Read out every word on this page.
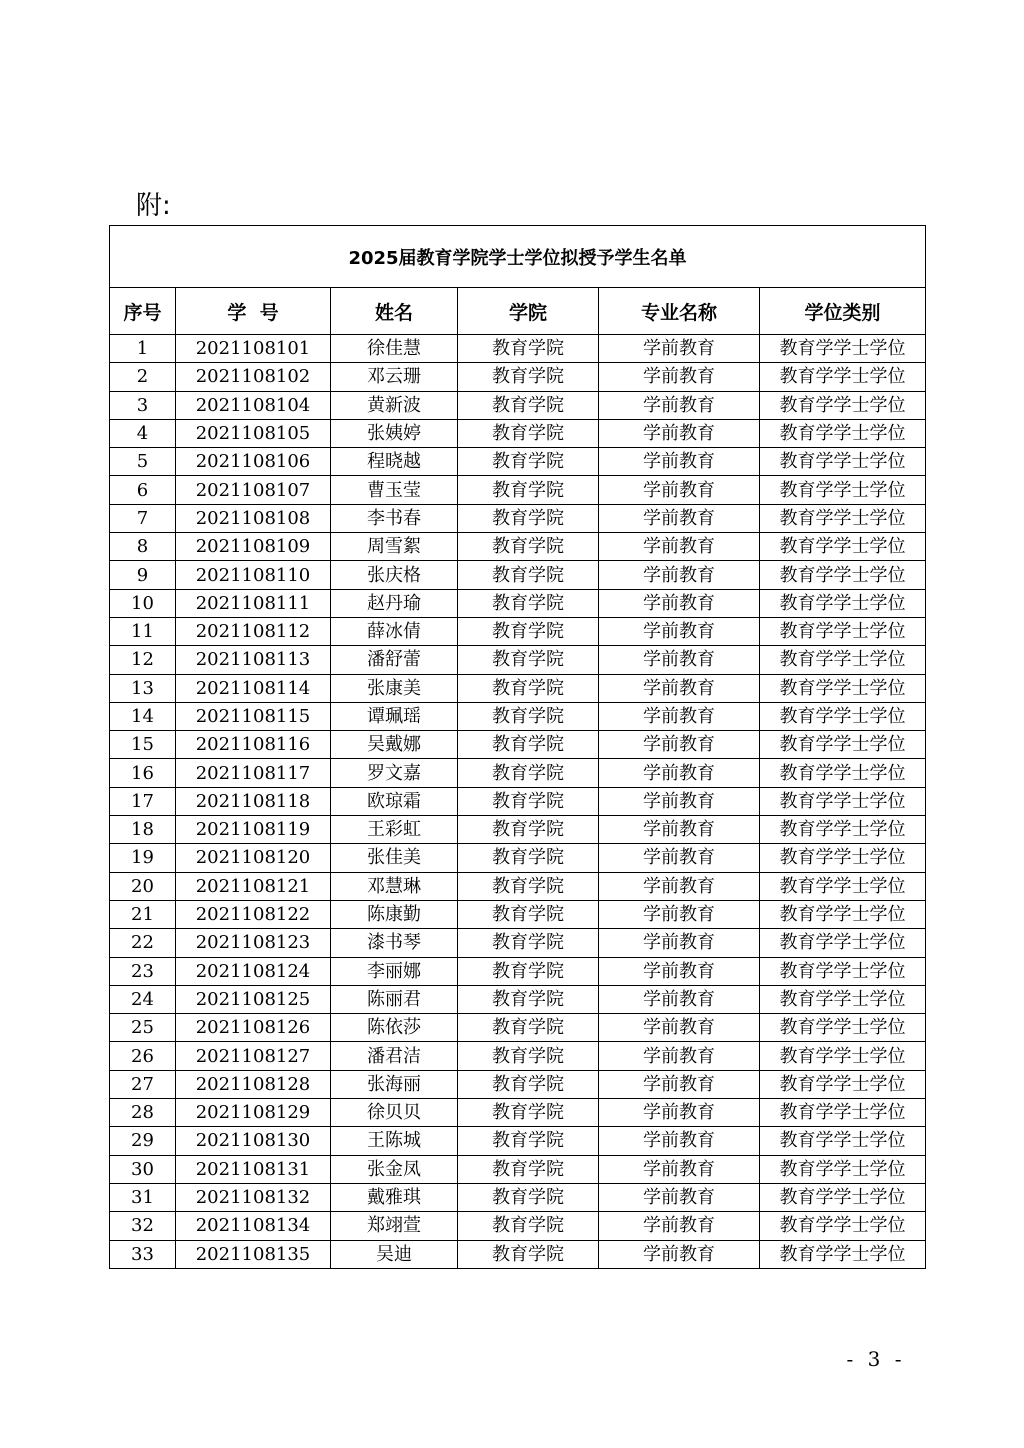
附:
2025届教育学院学士学位拟授予学生名单					
序号	学  号	姓名	学院	专业名称	学位类别
1	2021108101	徐佳慧	教育学院	学前教育	教育学学士学位
2	2021108102	邓云珊	教育学院	学前教育	教育学学士学位
3	2021108104	黄新波	教育学院	学前教育	教育学学士学位
4	2021108105	张姨婷	教育学院	学前教育	教育学学士学位
5	2021108106	程晓越	教育学院	学前教育	教育学学士学位
6	2021108107	曹玉莹	教育学院	学前教育	教育学学士学位
7	2021108108	李书春	教育学院	学前教育	教育学学士学位
8	2021108109	周雪絮	教育学院	学前教育	教育学学士学位
9	2021108110	张庆格	教育学院	学前教育	教育学学士学位
10	2021108111	赵丹瑜	教育学院	学前教育	教育学学士学位
11	2021108112	薛冰倩	教育学院	学前教育	教育学学士学位
12	2021108113	潘舒蕾	教育学院	学前教育	教育学学士学位
13	2021108114	张康美	教育学院	学前教育	教育学学士学位
14	2021108115	谭珮瑶	教育学院	学前教育	教育学学士学位
15	2021108116	吴戴娜	教育学院	学前教育	教育学学士学位
16	2021108117	罗文嘉	教育学院	学前教育	教育学学士学位
17	2021108118	欧琼霜	教育学院	学前教育	教育学学士学位
18	2021108119	王彩虹	教育学院	学前教育	教育学学士学位
19	2021108120	张佳美	教育学院	学前教育	教育学学士学位
20	2021108121	邓慧琳	教育学院	学前教育	教育学学士学位
21	2021108122	陈康勤	教育学院	学前教育	教育学学士学位
22	2021108123	漆书琴	教育学院	学前教育	教育学学士学位
23	2021108124	李丽娜	教育学院	学前教育	教育学学士学位
24	2021108125	陈丽君	教育学院	学前教育	教育学学士学位
25	2021108126	陈依莎	教育学院	学前教育	教育学学士学位
26	2021108127	潘君洁	教育学院	学前教育	教育学学士学位
27	2021108128	张海丽	教育学院	学前教育	教育学学士学位
28	2021108129	徐贝贝	教育学院	学前教育	教育学学士学位
29	2021108130	王陈城	教育学院	学前教育	教育学学士学位
30	2021108131	张金凤	教育学院	学前教育	教育学学士学位
31	2021108132	戴雅琪	教育学院	学前教育	教育学学士学位
32	2021108134	郑翊萱	教育学院	学前教育	教育学学士学位
33	2021108135	吴迪	教育学院	学前教育	教育学学士学位
- 3 -
